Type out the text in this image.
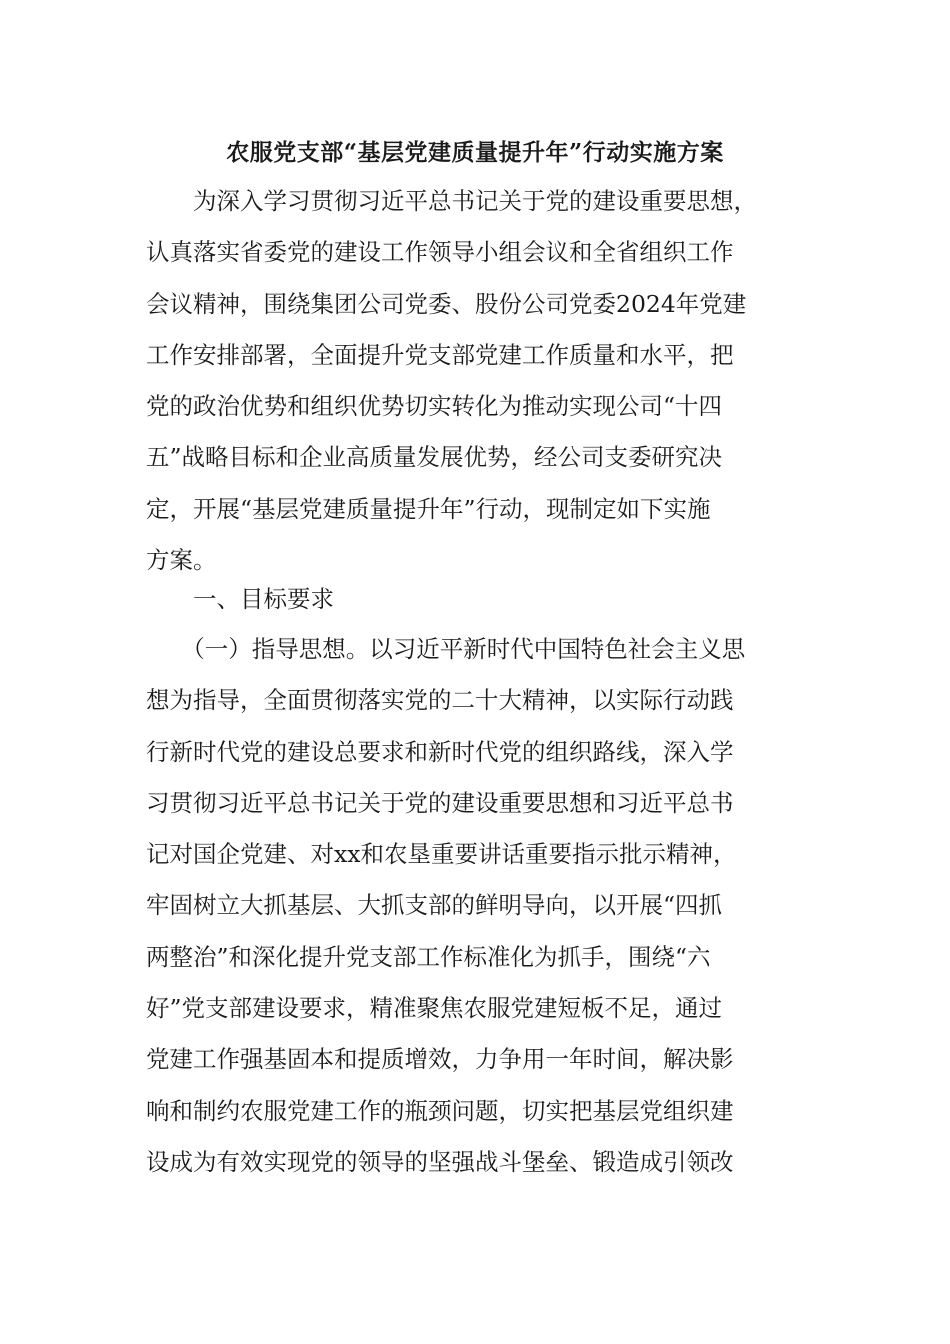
农服党支部“基层党建质量提升年”行动实施方案
　　为深入学习贯彻习近平总书记关于党的建设重要思想，
认真落实省委党的建设工作领导小组会议和全省组织工作
会议精神，围绕集团公司党委、股份公司党委2024年党建
工作安排部署，全面提升党支部党建工作质量和水平，把
党的政治优势和组织优势切实转化为推动实现公司“十四
五”战略目标和企业高质量发展优势，经公司支委研究决
定，开展“基层党建质量提升年”行动，现制定如下实施
方案。
　　一、目标要求
　　（一）指导思想。以习近平新时代中国特色社会主义思
想为指导，全面贯彻落实党的二十大精神，以实际行动践
行新时代党的建设总要求和新时代党的组织路线，深入学
习贯彻习近平总书记关于党的建设重要思想和习近平总书
记对国企党建、对xx和农垦重要讲话重要指示批示精神，
牢固树立大抓基层、大抓支部的鲜明导向，以开展“四抓
两整治”和深化提升党支部工作标准化为抓手，围绕“六
好”党支部建设要求，精准聚焦农服党建短板不足，通过
党建工作强基固本和提质增效，力争用一年时间，解决影
响和制约农服党建工作的瓶颈问题，切实把基层党组织建
设成为有效实现党的领导的坚强战斗堡垒、锻造成引领改
